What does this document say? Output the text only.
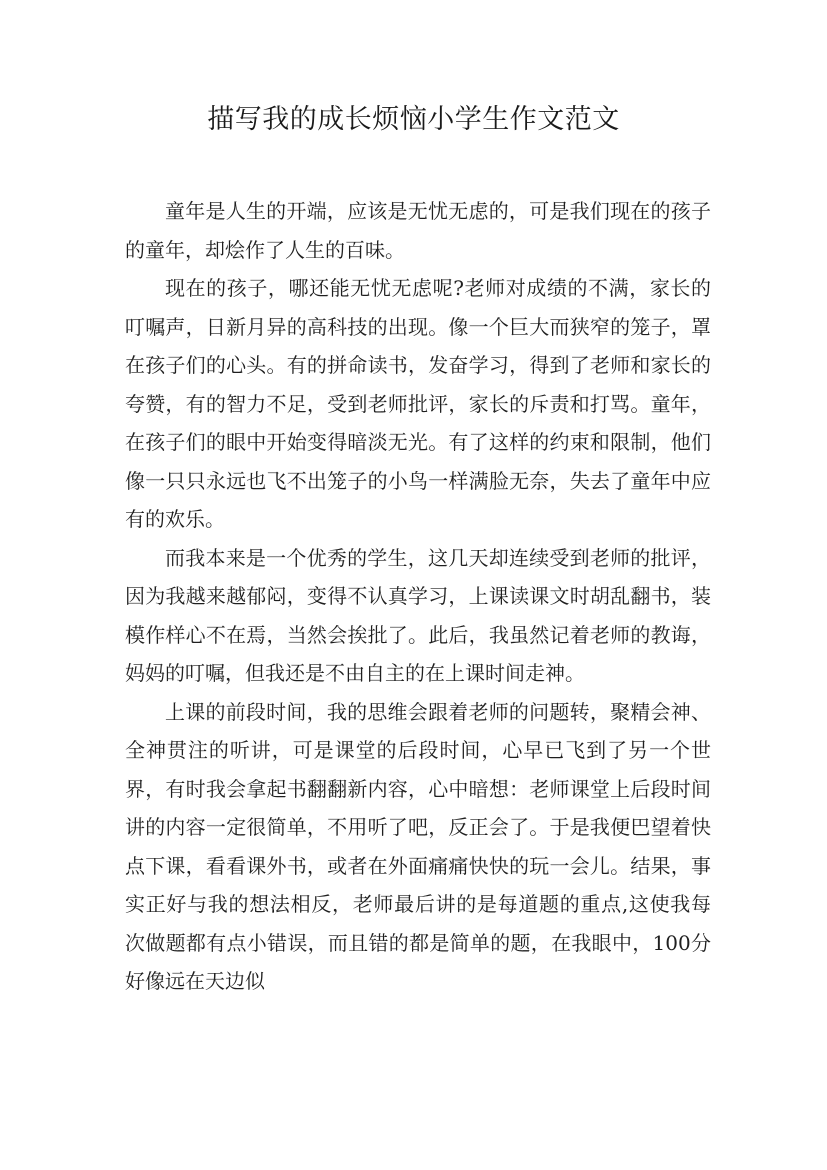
描写我的成长烦恼小学生作文范文

童年是人生的开端，应该是无忧无虑的，可是我们现在的孩子的童年，却烩作了人生的百味。

现在的孩子，哪还能无忧无虑呢?老师对成绩的不满，家长的叮嘱声，日新月异的高科技的出现。像一个巨大而狭窄的笼子，罩在孩子们的心头。有的拼命读书，发奋学习，得到了老师和家长的夸赞，有的智力不足，受到老师批评，家长的斥责和打骂。童年，在孩子们的眼中开始变得暗淡无光。有了这样的约束和限制，他们像一只只永远也飞不出笼子的小鸟一样满脸无奈，失去了童年中应有的欢乐。

而我本来是一个优秀的学生，这几天却连续受到老师的批评，因为我越来越郁闷，变得不认真学习，上课读课文时胡乱翻书，装模作样心不在焉，当然会挨批了。此后，我虽然记着老师的教诲，妈妈的叮嘱，但我还是不由自主的在上课时间走神。

上课的前段时间，我的思维会跟着老师的问题转，聚精会神、全神贯注的听讲，可是课堂的后段时间，心早已飞到了另一个世界，有时我会拿起书翻翻新内容，心中暗想：老师课堂上后段时间讲的内容一定很简单，不用听了吧，反正会了。于是我便巴望着快点下课，看看课外书，或者在外面痛痛快快的玩一会儿。结果，事实正好与我的想法相反，老师最后讲的是每道题的重点,这使我每次做题都有点小错误，而且错的都是简单的题，在我眼中，100分好像远在天边似
